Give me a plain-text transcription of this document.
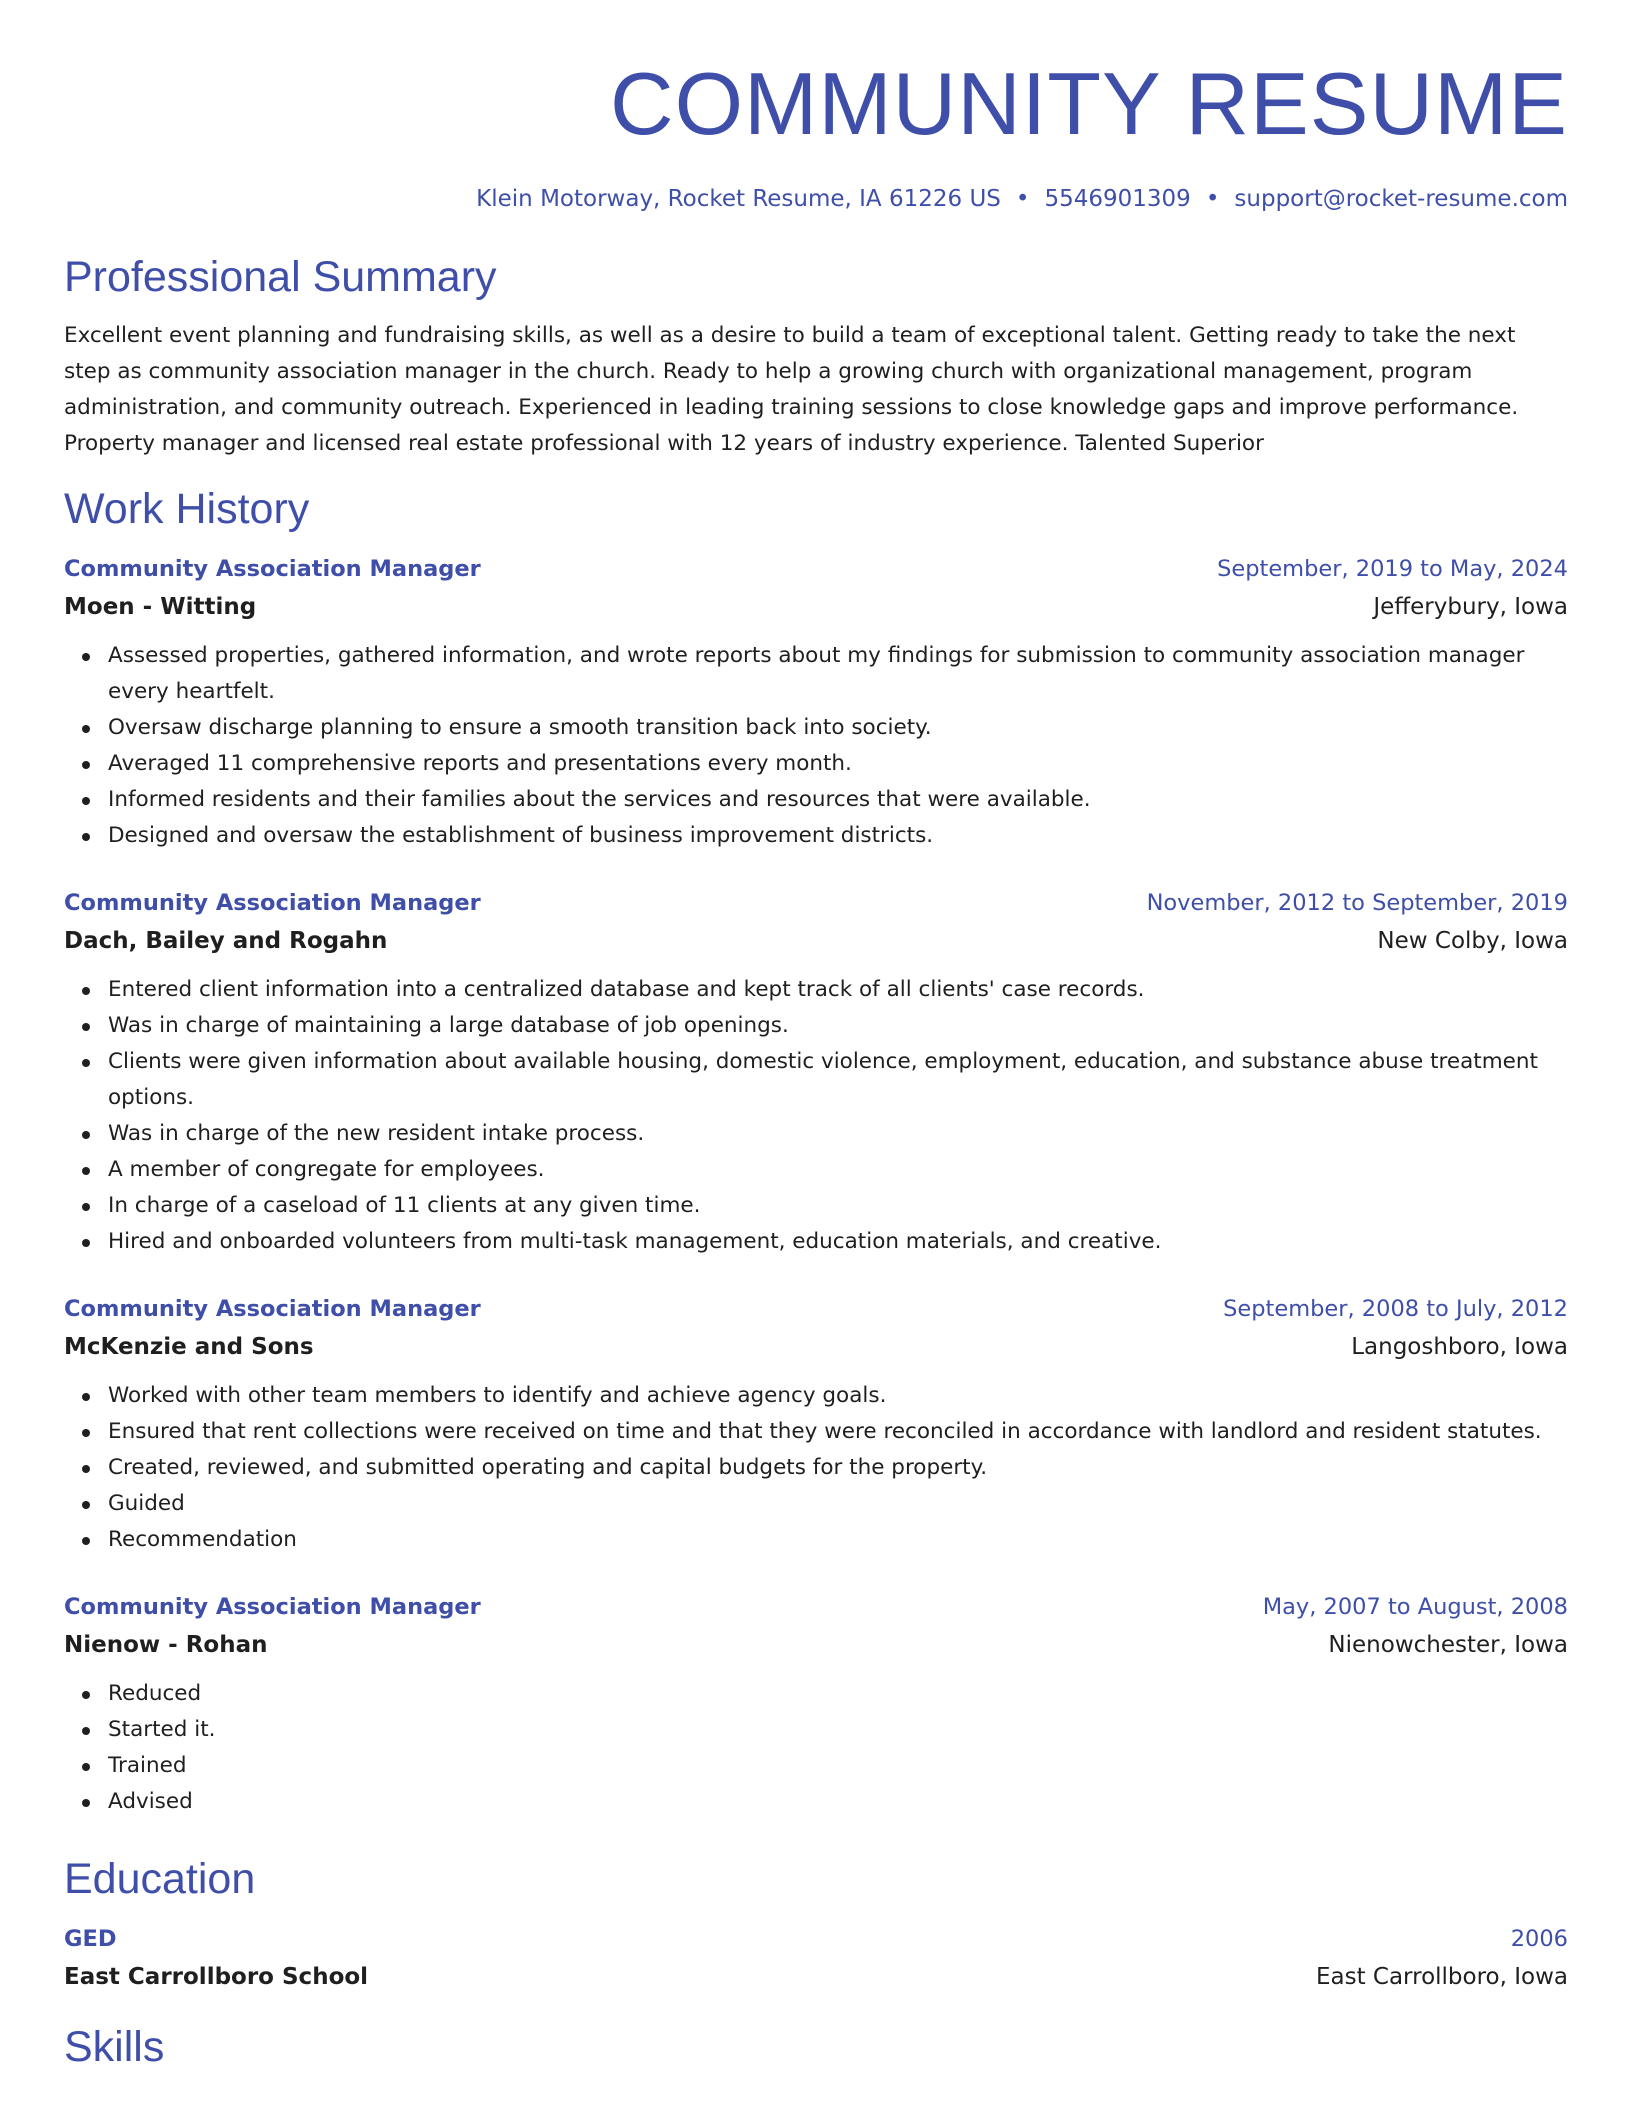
COMMUNITY RESUME
Klein Motorway, Rocket Resume, IA 61226 US • 5546901309 • support@rocket-resume.com
Professional Summary
Excellent event planning and fundraising skills, as well as a desire to build a team of exceptional talent. Getting ready to take the next step as community association manager in the church. Ready to help a growing church with organizational management, program administration, and community outreach. Experienced in leading training sessions to close knowledge gaps and improve performance. Property manager and licensed real estate professional with 12 years of industry experience. Talented Superior
Work History
Community Association Manager	September, 2019 to May, 2024
Moen - Witting	Jefferybury, Iowa
Assessed properties, gathered information, and wrote reports about my findings for submission to community association manager every heartfelt.
Oversaw discharge planning to ensure a smooth transition back into society.
Averaged 11 comprehensive reports and presentations every month.
Informed residents and their families about the services and resources that were available.
Designed and oversaw the establishment of business improvement districts.
Community Association Manager	November, 2012 to September, 2019
Dach, Bailey and Rogahn	New Colby, Iowa
Entered client information into a centralized database and kept track of all clients' case records.
Was in charge of maintaining a large database of job openings.
Clients were given information about available housing, domestic violence, employment, education, and substance abuse treatment options.
Was in charge of the new resident intake process.
A member of congregate for employees.
In charge of a caseload of 11 clients at any given time.
Hired and onboarded volunteers from multi-task management, education materials, and creative.
Community Association Manager	September, 2008 to July, 2012
McKenzie and Sons	Langoshboro, Iowa
Worked with other team members to identify and achieve agency goals.
Ensured that rent collections were received on time and that they were reconciled in accordance with landlord and resident statutes.
Created, reviewed, and submitted operating and capital budgets for the property.
Guided
Recommendation
Community Association Manager	May, 2007 to August, 2008
Nienow - Rohan	Nienowchester, Iowa
Reduced
Started it.
Trained
Advised
Education
GED	2006
East Carrollboro School	East Carrollboro, Iowa
Skills
